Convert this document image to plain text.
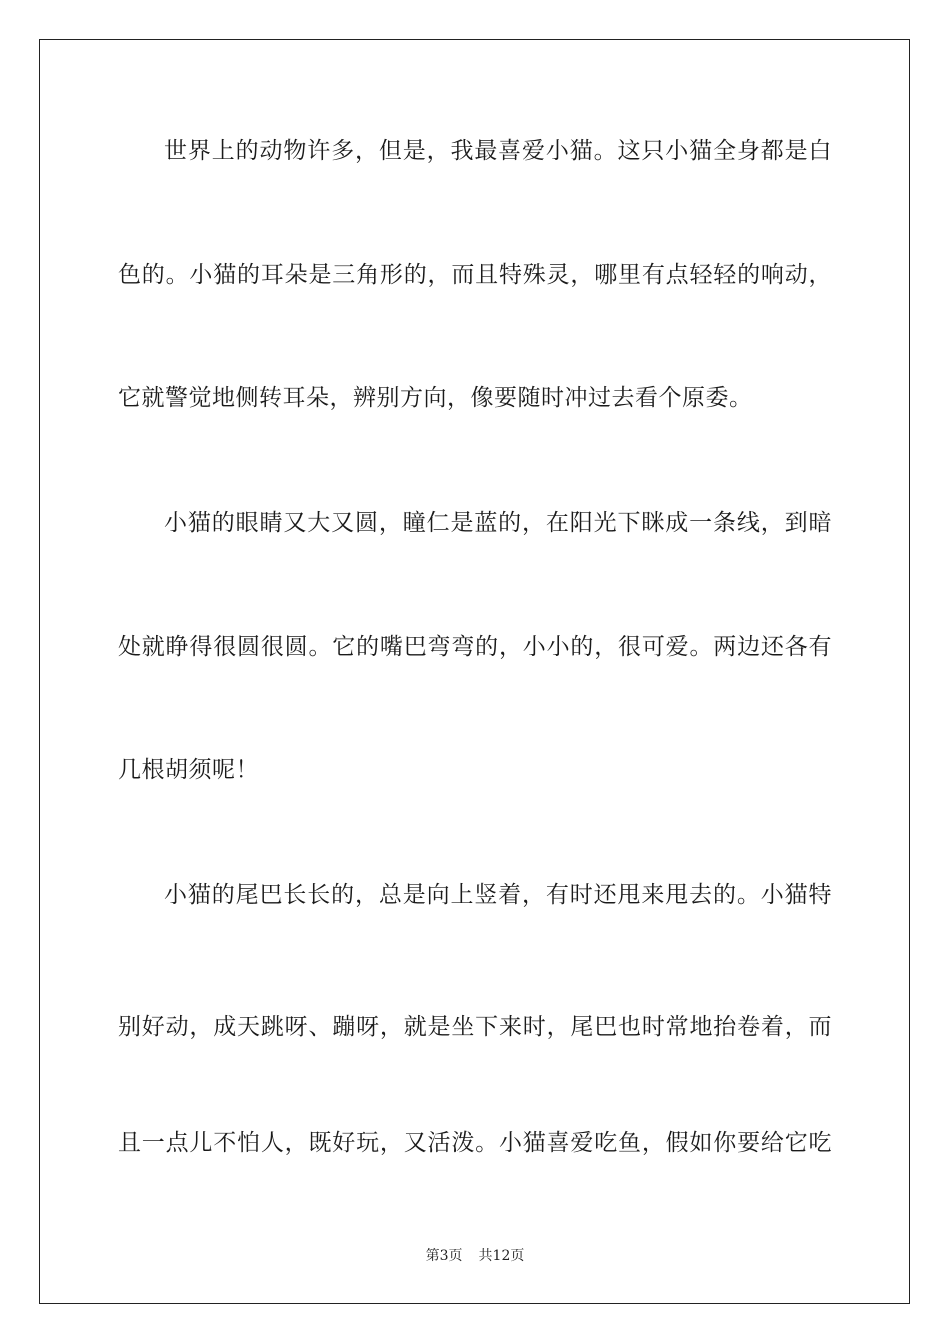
世界上的动物许多，但是，我最喜爱小猫。这只小猫全身都是白
色的。小猫的耳朵是三角形的，而且特殊灵，哪里有点轻轻的响动，
它就警觉地侧转耳朵，辨别方向，像要随时冲过去看个原委。
小猫的眼睛又大又圆，瞳仁是蓝的，在阳光下眯成一条线，到暗
处就睁得很圆很圆。它的嘴巴弯弯的，小小的，很可爱。两边还各有
几根胡须呢！
小猫的尾巴长长的，总是向上竖着，有时还甩来甩去的。小猫特
别好动，成天跳呀、蹦呀，就是坐下来时，尾巴也时常地抬卷着，而
且一点儿不怕人，既好玩，又活泼。小猫喜爱吃鱼，假如你要给它吃
第3页 共12页
